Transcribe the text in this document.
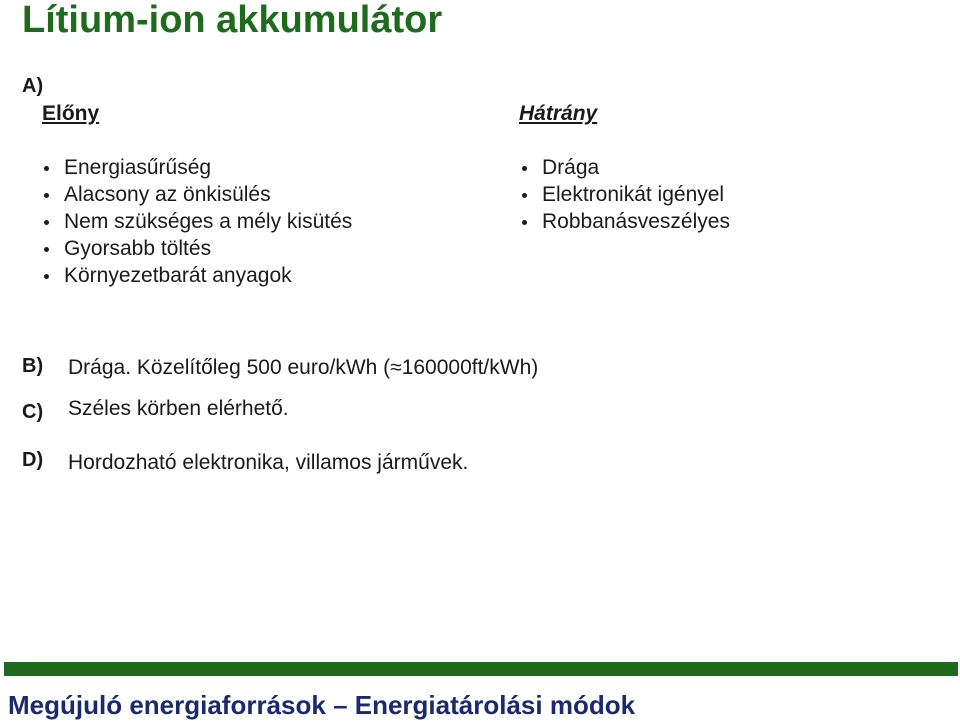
Lítium-ion akkumulátor
A)
Előny
Energiasűrűség
Alacsony az önkisülés
Nem szükséges a mély kisütés
Gyorsabb töltés
Környezetbarát anyagok
Hátrány
Drága
Elektronikát igényel
Robbanásveszélyes
B) Drága. Közelítőleg 500 euro/kWh (≈160000ft/kWh)
C) Széles körben elérhető.
D) Hordozható elektronika, villamos járművek.
Megújuló energiaforrások – Energiatárolási módok
